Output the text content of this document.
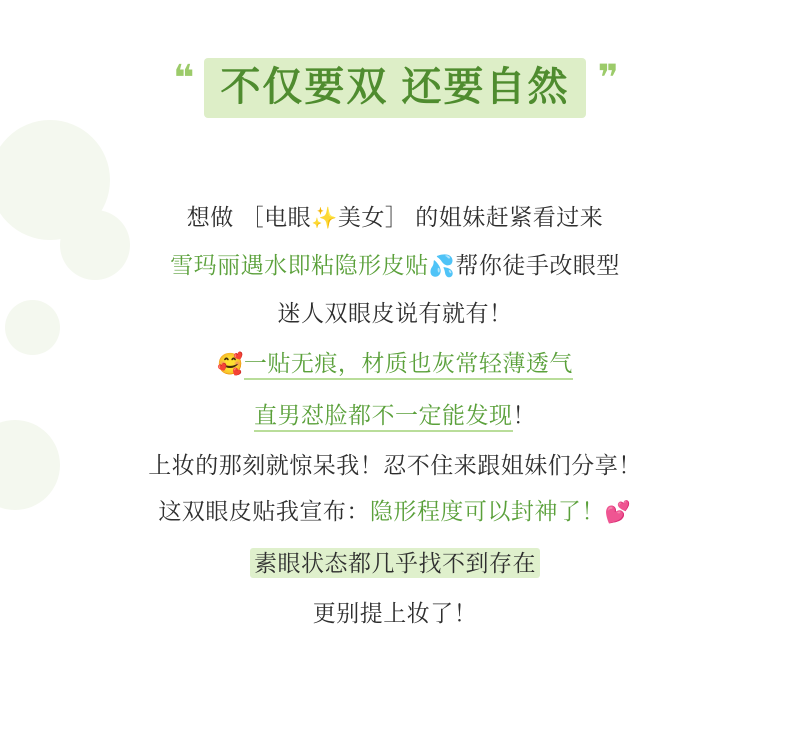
❝ 不仅要双 还要自然 ❞
想做 ［电眼✨美女］ 的姐妹赶紧看过来
雪玛丽遇水即粘隐形皮贴💦帮你徒手改眼型
迷人双眼皮说有就有！
🥰一贴无痕，材质也灰常轻薄透气
直男怼脸都不一定能发现！
上妆的那刻就惊呆我！忍不住来跟姐妹们分享！
这双眼皮贴我宣布：隐形程度可以封神了！💕
素眼状态都几乎找不到存在
更别提上妆了！
